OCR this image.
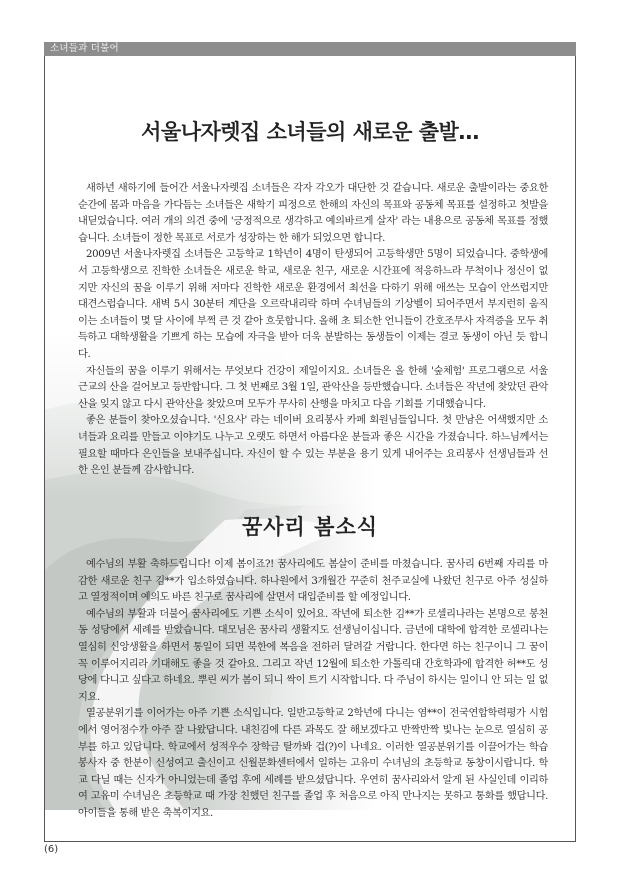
소녀들과 더불어
서울나자렛집 소녀들의 새로운 출발…

새하년 새하기에 들어간 서울나자렛집 소녀들은 각자 각오가 대단한 것 같습니다. 새로운 출발이라는 중요한 순간에 몸과 마음을 가다듬는 소녀들은 새학기 피정으로 한해의 자신의 목표와 공동체 목표를 설정하고 첫발을 내딛었습니다. 여러 개의 의견 중에 '긍정적으로 생각하고 예의바르게 살자' 라는 내용으로 공동체 목표를 정했습니다. 소녀들이 정한 목표로 서로가 성장하는 한 해가 되었으면 합니다.

2009년 서울나자렛집 소녀들은 고등학교 1학년이 4명이 탄생되어 고등학생만 5명이 되었습니다. 중학생에서 고등학생으로 진학한 소녀들은 새로운 학교, 새로운 친구, 새로운 시간표에 적응하느라 무척이나 정신이 없지만 자신의 꿈을 이루기 위해 저마다 진학한 새로운 환경에서 최선을 다하기 위해 애쓰는 모습이 안쓰럽지만 대견스럽습니다. 새벽 5시 30분터 계단을 오르락내리락 하며 수녀님들의 기상벨이 되어주면서 부지런히 움직이는 소녀들이 몇 달 사이에 부쩍 큰 것 같아 흐뭇합니다. 올해 초 퇴소한 언니들이 간호조무사 자격증을 모두 취득하고 대학생활을 기쁘게 하는 모습에 자극을 받아 더욱 분발하는 동생들이 이제는 결코 동생이 아닌 듯 합니다.

자신들의 꿈을 이루기 위해서는 무엇보다 건강이 제일이지요. 소녀들은 올 한해 '숲체험' 프로그램으로 서울 근교의 산을 걸어보고 등반합니다. 그 첫 번째로 3월 1일, 관악산을 등반했습니다. 소녀들은 작년에 찾았던 관악산을 잊지 않고 다시 관악산을 찾았으며 모두가 무사히 산행을 마치고 다음 기회를 기대했습니다.

좋은 분들이 찾아오셨습니다. '신요사' 라는 네이버 요리봉사 카페 회원님들입니다. 첫 만남은 어색했지만 소녀들과 요리를 만들고 이야기도 나누고 오랫도 하면서 아름다운 분들과 좋은 시간을 가졌습니다. 하느님께서는 필요할 때마다 은인들을 보내주십니다. 자신이 할 수 있는 부분을 용기 있게 내어주는 요리봉사 선생님들과 선한 은인 분들께 감사합니다.

꿈사리 봄소식

예수님의 부활 축하드립니다! 이제 봄이죠?! 꿈사리에도 봄살이 준비를 마쳤습니다. 꿈사리 6번째 자리를 마감한 새로운 친구 김**가 입소하였습니다. 하나원에서 3개월간 꾸준히 천주교실에 나왔던 친구로 아주 성실하고 열정적이며 예의도 바른 친구로 꿈사리에 살면서 대입준비를 할 예정입니다.

예수님의 부활과 더불어 꿈사리에도 기쁜 소식이 있어요. 작년에 퇴소한 김**가 로셀리나라는 본명으로 봉천동 성당에서 세례를 받았습니다. 대모님은 꿈사리 생활지도 선생님이십니다. 금년에 대학에 합격한 로셀리나는 열심히 신앙생활을 하면서 통일이 되면 북한에 복음을 전하러 달려갈 거랍니다. 한다면 하는 친구이니 그 꿈이 꼭 이루어지리라 기대해도 좋을 것 같아요. 그리고 작년 12월에 퇴소한 가톨릭대 간호학과에 합격한 허**도 성당에 다니고 싶다고 하네요. 뿌린 씨가 봄이 되니 싹이 트기 시작합니다. 다 주님이 하시는 일이니 안 되는 일 없지요.

열공분위기를 이어가는 아주 기쁜 소식입니다. 일반고등학교 2학년에 다니는 염**이 전국연합학력평가 시험에서 영어점수가 아주 잘 나왔답니다. 내친김에 다른 과목도 잘 해보겠다고 반짝반짝 빛나는 눈으로 열심히 공부를 하고 있답니다. 학교에서 성적우수 장학금 탈까봐 겁(?)이 나네요. 이러한 열공분위기를 이끌어가는 학습봉사자 중 한분이 신성여고 출신이고 신월문화센터에서 일하는 고유미 수녀님의 초등학교 동창이시랍니다. 학교 다닐 때는 신자가 아니었는데 졸업 후에 세례를 받으셨답니다. 우연히 꿈사리와서 알게 된 사실인데 이리하여 고유미 수녀님은 초등학교 때 가장 친했던 친구를 졸업 후 처음으로 아직 만나지는 못하고 통화를 했답니다. 아이들을 통해 받은 축복이지요.

(6)
